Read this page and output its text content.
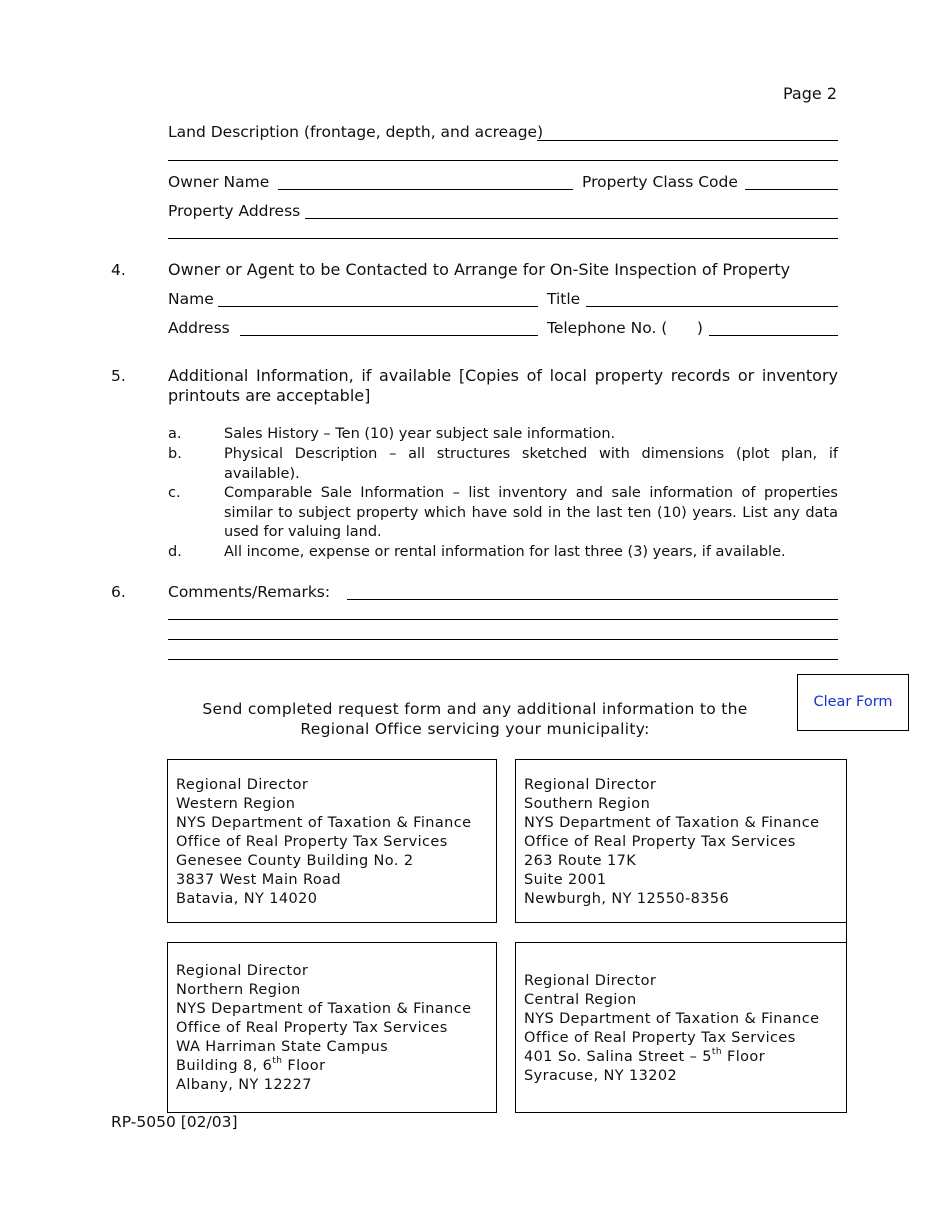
Page 2
Land Description (frontage, depth, and acreage)
Owner Name	Property Class Code
Property Address
4.	Owner or Agent to be Contacted to Arrange for On-Site Inspection of Property
Name	Title
Address	Telephone No. (      )
5.	Additional Information, if available [Copies of local property records or inventory printouts are acceptable]
a.	Sales History – Ten (10) year subject sale information.
b.	Physical Description – all structures sketched with dimensions (plot plan, if available).
c.	Comparable Sale Information – list inventory and sale information of properties similar to subject property which have sold in the last ten (10) years. List any data used for valuing land.
d.	All income, expense or rental information for last three (3) years, if available.
6.	Comments/Remarks:
Send completed request form and any additional information to the
Regional Office servicing your municipality:
Clear Form
Regional Director
Western Region
NYS Department of Taxation & Finance
Office of Real Property Tax Services
Genesee County Building No. 2
3837 West Main Road
Batavia, NY 14020
Regional Director
Southern Region
NYS Department of Taxation & Finance
Office of Real Property Tax Services
263 Route 17K
Suite 2001
Newburgh, NY 12550-8356
Regional Director
Northern Region
NYS Department of Taxation & Finance
Office of Real Property Tax Services
WA Harriman State Campus
Building 8, 6th Floor
Albany, NY 12227
Regional Director
Central Region
NYS Department of Taxation & Finance
Office of Real Property Tax Services
401 So. Salina Street – 5th Floor
Syracuse, NY 13202
RP-5050 [02/03]
